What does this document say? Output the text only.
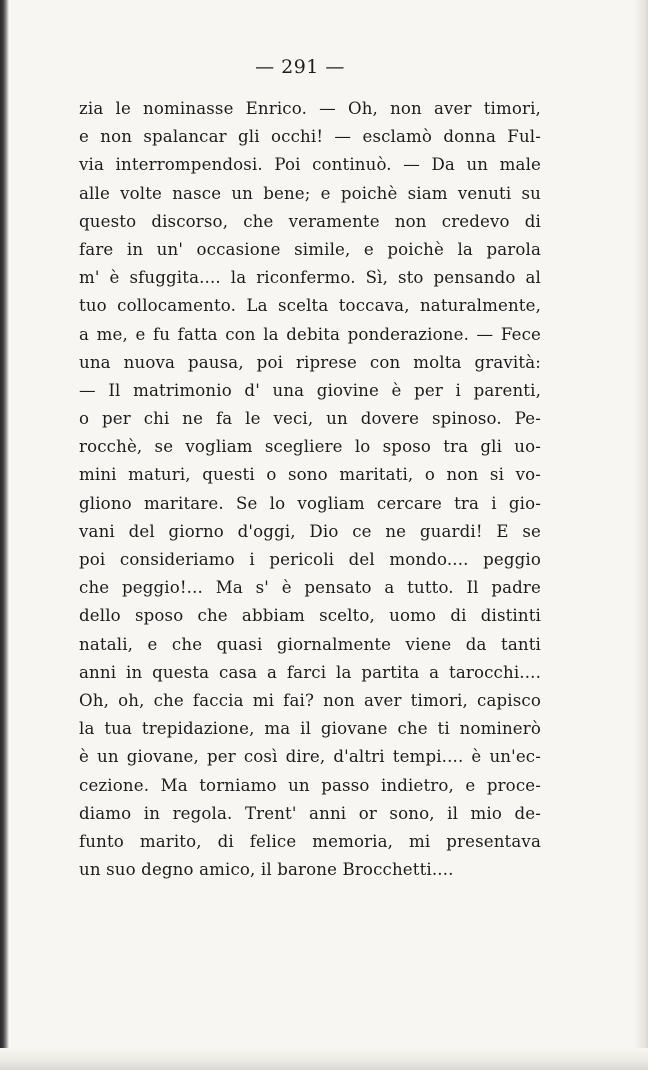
— 291 —
zia le nominasse Enrico. — Oh, non aver timori,
e non spalancar gli occhi! — esclamò donna Ful-
via interrompendosi. Poi continuò. — Da un male
alle volte nasce un bene; e poichè siam venuti su
questo discorso, che veramente non credevo di
fare in un' occasione simile, e poichè la parola
m' è sfuggita.... la riconfermo. Sì, sto pensando al
tuo collocamento. La scelta toccava, naturalmente,
a me, e fu fatta con la debita ponderazione. — Fece
una nuova pausa, poi riprese con molta gravità:
— Il matrimonio d' una giovine è per i parenti,
o per chi ne fa le veci, un dovere spinoso. Pe-
rocchè, se vogliam scegliere lo sposo tra gli uo-
mini maturi, questi o sono maritati, o non si vo-
gliono maritare. Se lo vogliam cercare tra i gio-
vani del giorno d'oggi, Dio ce ne guardi! E se
poi consideriamo i pericoli del mondo.... peggio
che peggio!... Ma s' è pensato a tutto. Il padre
dello sposo che abbiam scelto, uomo di distinti
natali, e che quasi giornalmente viene da tanti
anni in questa casa a farci la partita a tarocchi....
Oh, oh, che faccia mi fai? non aver timori, capisco
la tua trepidazione, ma il giovane che ti nominerò
è un giovane, per così dire, d'altri tempi.... è un'ec-
cezione. Ma torniamo un passo indietro, e proce-
diamo in regola. Trent' anni or sono, il mio de-
funto marito, di felice memoria, mi presentava
un suo degno amico, il barone Brocchetti....
